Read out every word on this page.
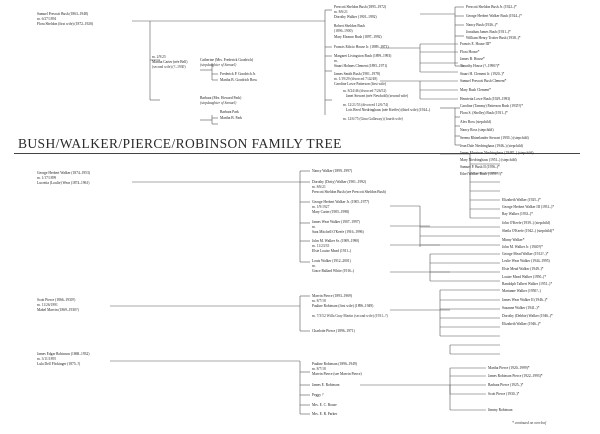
BUSH/WALKER/PIERCE/ROBINSON FAMILY TREE
Samuel Prescott Bush (1863–1948)
m. 6/27/1894
Flora Sheldon (first wife) (1872–1920)
George Herbert Walker (1874–1953)
m. 1/17/1899
Lucretia (Loulie) Wear (1874–1961)
Scott Pierce (1866–1930?)
m. 11/26/1891
Mabel Marvin (1869–1930?)
James Edgar Robinson (1868–1932)
m. 3/11/1895
Lula Dell Flickinger (1875–?)
m. 2/9/25
Martha Carter (née Bell)
(second wife) (?–1930)
Catherine (Mrs. Frederick Goodrich)
(stepdaughter of Samuel)
Frederick P. Goodrich Jr.
Martha B. Goodrich Ross
Barbara (Mrs. Howard Park)
(stepdaughter of Samuel)
Barbara Park
Martha B. Park
Prescott Sheldon Bush (1895–1972)
m. 8/6/21
Dorothy Walker (1901–1992)
Robert Sheldon Bush
(1896–1900)
Mary Eleanor Bush (1897–1992)
Francis Edicio House Jr. (1889–1971)
Margaret Livingston Bush (1899–1993)
m.
Stuart Holmes Clement (1895–1971)
James Smith Bush (1901–1978)
m. 1/19/29 (divorced 7/42/48)
Caroline Lowe Patterson (first wife)
m. 8/24/46 (divorced 7/26/52)
Janet Stewart (née Newbold) (second wife)
m. 12/21/53 (divorced 12/6/74)
Lois Reed Niedringhaus (née Kieffer) (third wife) (1924–)
m. 12/6/75 (Gina Gallaway) (fourth wife)
Nancy Walker (1899–1997)
Dorothy (Dotty) Walker (1901–1992)
m. 8/6/21
Prescott Sheldon Bush (see Prescott Sheldon Bush)
George Herbert Walker Jr. (1905–1977)
m. 1/9/1927
Mary Carter (1905–1998)
James Wear Walker (1907–1997)
m.
Sara Mitchell O'Keefe (1916–1996)
John M. Walker Sr. (1909–1990)
m. 11/23/35
Elsie Louise Mead (1911–)
Louis Walker (1912–2001)
m.
Grace Ballard White (1916–)
Marvin Pierce (1893–1969)
m. 8/7/18
Pauline Robinson (first wife) (1896–1949)
m. 7/3/52 Willa Gray Martin (second wife) (1931–?)
Charlotte Pierce (1896–1971)
Pauline Robinson (1896–1949)
m. 8/7/18
Marvin Pierce (see Marvin Pierce)
James E. Robinson
Peggy ?
Mrs. E. C. Rouse
Mrs. E. R. Parker
Prescott Sheldon Bush Jr. (1922–)*
George Herbert Walker Bush (1924–)*
Nancy Bush (1926–)*
Jonathan James Bush (1931–)*
William Henry Trotter Bush (1938–)*
Francis E. House III*
Flora House*
James B. House*
Timothy House (?–1990?)*
Stuart H. Clement Jr. (1920–)*
Samuel Prescott Bush Clement*
Mary Bush Clement*
Henrietta Lowe Bush (1929–1993)
Caroline (Tammy) Patterson Bush (1935?)*
Flora S. (Shelley) Bush (1931–)*
Alex Ross (stepchild)
Nancy Ross (stepchild)
Serena Rhinelander Stewart (1939–) (stepchild)
Jean Dale Niedringhaus (1946–) (stepchild)
James Morrison Niedringhaus (1948?–) (stepchild)
Mary Niedringhaus (1951–) (stepchild)
Samuel P. Bush II (1956–)*
Ethel Walker Bush (1959?–)*
Elizabeth Walker (1925–)*
George Herbert Walker III (1931–)*
Ray Walker (1933–)*
John O'Keefe (1939–) (stepchild)
Sheila O'Keefe (1942–) (stepchild)*
Minny Walker*
John M. Walker Jr. (1940?)*
George Mead Walker (1912?–)*
Leslie Wear Walker (1944–1995)
Elsie Mead Walker (1949–)*
Louise Mead Walker (1950–)*
Randolph Talbert Walker (1951–)*
Marianne Walker (1950?–)
James Wear Walker II (1946–)*
Suzanne Walker (1941–)*
Dorothy (Debbie) Walker (1946–)*
Elizabeth Walker (1946–)*
Martha Pierce (1920–1999)*
James Robinson Pierce (1922–1993)*
Barbara Pierce (1925–)*
Scott Pierce (1930–)*
Jimmy Robinson
* continued on overleaf
